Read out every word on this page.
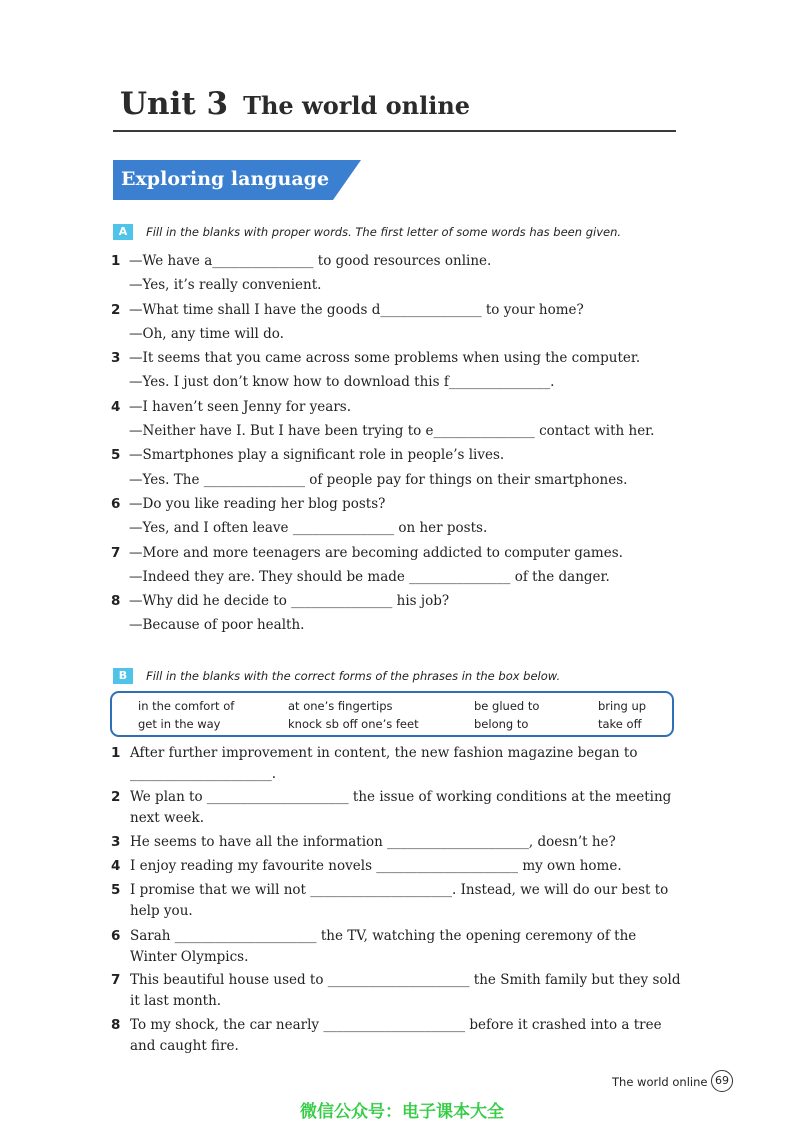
Unit 3 The world online
Exploring language
A Fill in the blanks with proper words. The first letter of some words has been given.
1 —We have a_______________ to good resources online.
—Yes, it’s really convenient.
2 —What time shall I have the goods d_______________ to your home?
—Oh, any time will do.
3 —It seems that you came across some problems when using the computer.
—Yes. I just don’t know how to download this f_______________.
4 —I haven’t seen Jenny for years.
—Neither have I. But I have been trying to e_______________ contact with her.
5 —Smartphones play a significant role in people’s lives.
—Yes. The _______________ of people pay for things on their smartphones.
6 —Do you like reading her blog posts?
—Yes, and I often leave _______________ on her posts.
7 —More and more teenagers are becoming addicted to computer games.
—Indeed they are. They should be made _______________ of the danger.
8 —Why did he decide to _______________ his job?
—Because of poor health.
B Fill in the blanks with the correct forms of the phrases in the box below.
in the comfort of	at one’s fingertips	be glued to	bring up
get in the way	knock sb off one’s feet	belong to	take off
1 After further improvement in content, the new fashion magazine began to _____________________.
2 We plan to _____________________ the issue of working conditions at the meeting next week.
3 He seems to have all the information _____________________, doesn’t he?
4 I enjoy reading my favourite novels _____________________ my own home.
5 I promise that we will not _____________________. Instead, we will do our best to help you.
6 Sarah _____________________ the TV, watching the opening ceremony of the Winter Olympics.
7 This beautiful house used to _____________________ the Smith family but they sold it last month.
8 To my shock, the car nearly _____________________ before it crashed into a tree and caught fire.
The world online 69
微信公众号：电子课本大全
